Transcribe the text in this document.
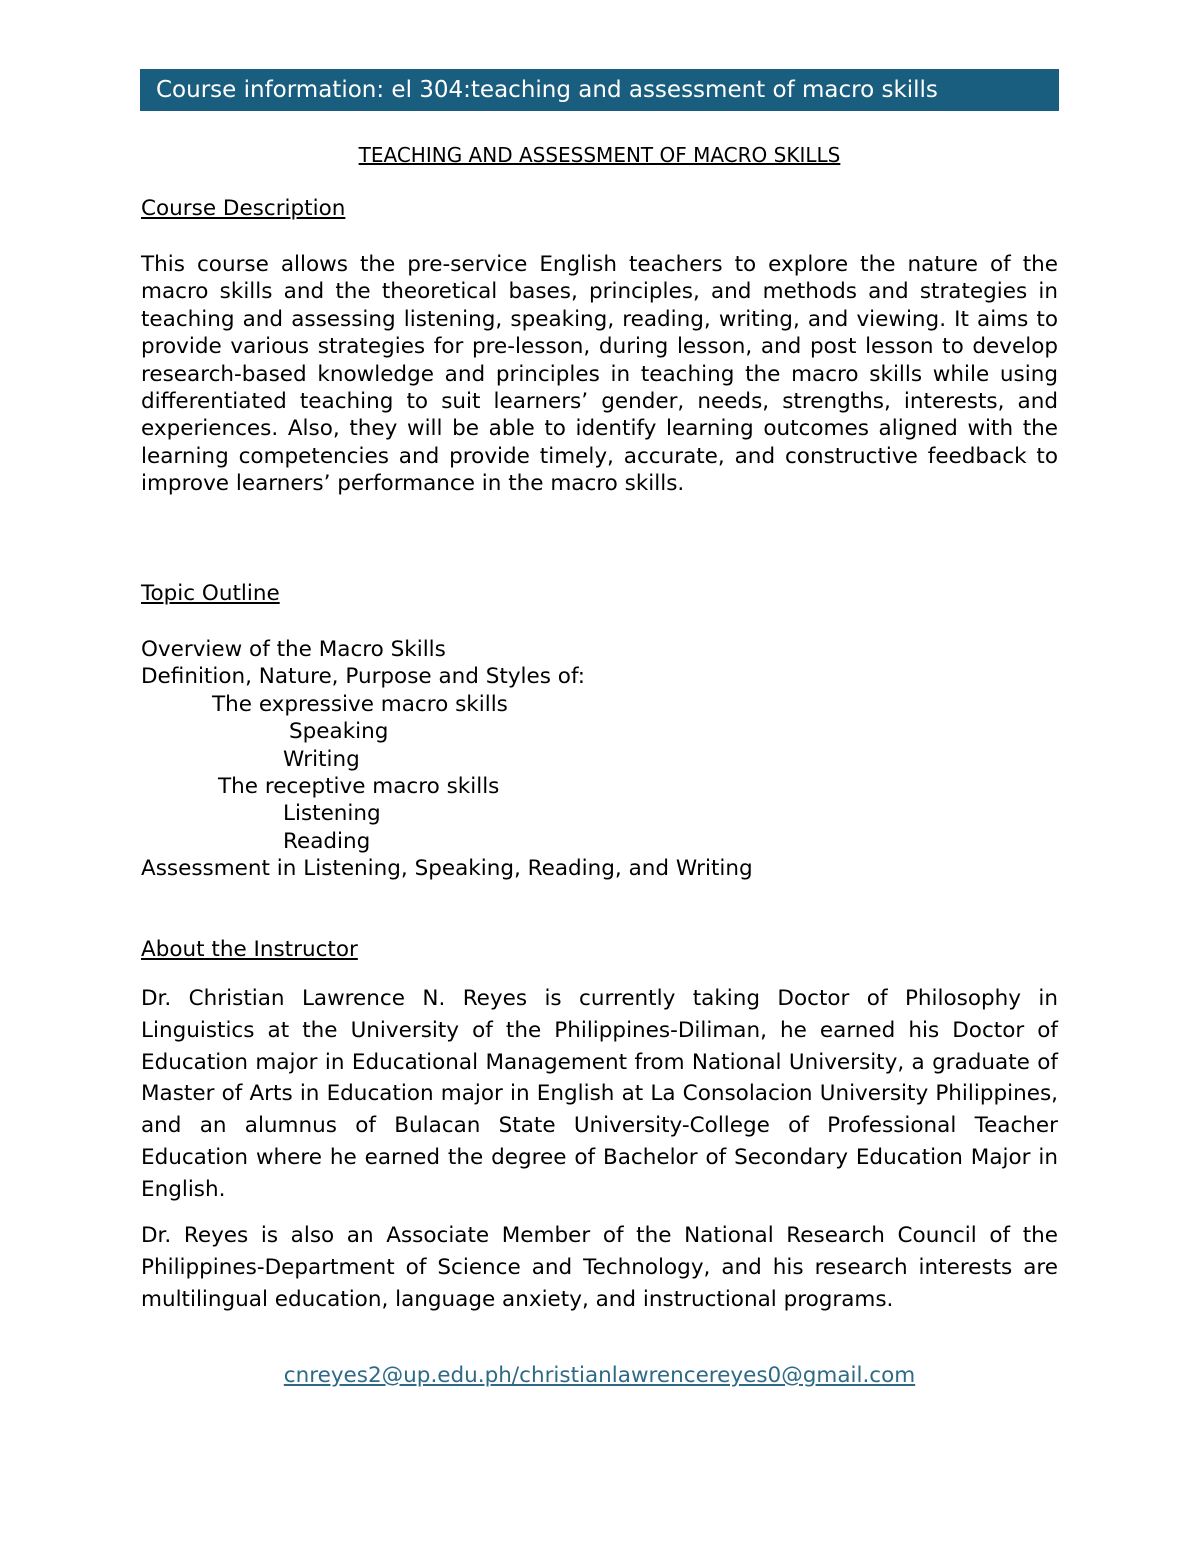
Course information: el 304:teaching and assessment of macro skills
TEACHING AND ASSESSMENT OF MACRO SKILLS
Course Description

This course allows the pre-service English teachers to explore the nature of the macro skills and the theoretical bases, principles, and methods and strategies in teaching and assessing listening, speaking, reading, writing, and viewing. It aims to provide various strategies for pre-lesson, during lesson, and post lesson to develop research-based knowledge and principles in teaching the macro skills while using differentiated teaching to suit learners’ gender, needs, strengths, interests, and experiences. Also, they will be able to identify learning outcomes aligned with the learning competencies and provide timely, accurate, and constructive feedback to improve learners’ performance in the macro skills.

Topic Outline
Overview of the Macro Skills
Definition, Nature, Purpose and Styles of:
The expressive macro skills
Speaking
Writing
The receptive macro skills
Listening
Reading
Assessment in Listening, Speaking, Reading, and Writing
About the Instructor

Dr. Christian Lawrence N. Reyes is currently taking Doctor of Philosophy in Linguistics at the University of the Philippines-Diliman, he earned his Doctor of Education major in Educational Management from National University, a graduate of Master of Arts in Education major in English at La Consolacion University Philippines, and an alumnus of Bulacan State University-College of Professional Teacher Education where he earned the degree of Bachelor of Secondary Education Major in English.

Dr. Reyes is also an Associate Member of the National Research Council of the Philippines-Department of Science and Technology, and his research interests are multilingual education, language anxiety, and instructional programs.

cnreyes2@up.edu.ph/christianlawrencereyes0@gmail.com
